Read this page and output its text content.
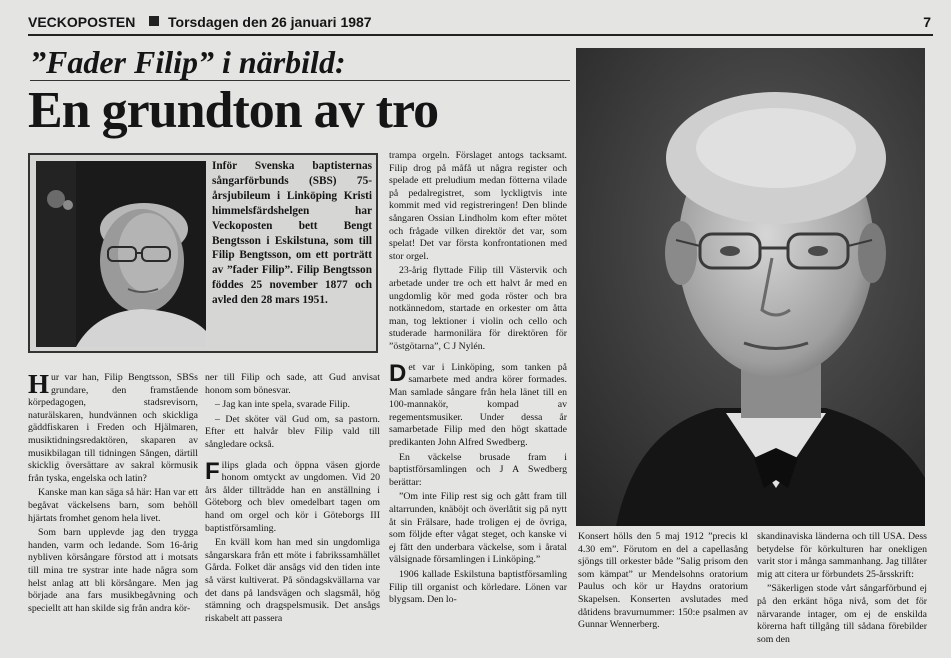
VECKOPOSTEN Torsdagen den 26 januari 1987	7
”Fader Filip” i närbild:
En grundton av tro
Inför Svenska baptisternas sångarförbunds (SBS) 75-årsjubileum i Linköping Kristi himmelsfärdshelgen har Veckoposten bett Bengt Bengtsson i Eskilstuna, som till Filip Bengtsson, om ett porträtt av ”fader Filip”. Filip Bengtsson föddes 25 november 1877 och avled den 28 mars 1951.

Hur var han, Filip Bengtsson, SBSs grundare, den framstående körpedagogen, stadsrevisorn, naturälskaren, hundvännen och skickliga gäddfiskaren i Freden och Hjälmaren, musiktidningsredaktören, skaparen av musikbilagan till tidningen Sången, därtill skicklig översättare av sakral körmusik från tyska, engelska och latin?

Kanske man kan säga så här: Han var ett begåvat väckelsens barn, som behöll hjärtats fromhet genom hela livet.

Som barn upplevde jag den trygga handen, varm och ledande. Som 16-årig nybliven körsångare förstod att i motsats till mina tre systrar inte hade några som helst anlag att bli körsångare. Men jag började ana fars musikbegåvning och speciellt att han skilde sig från andra kör-

ner till Filip och sade, att Gud anvisat honom som bönesvar.

– Jag kan inte spela, svarade Filip.

– Det sköter väl Gud om, sa pastorn. Efter ett halvår blev Filip vald till sångledare också.

Filips glada och öppna väsen gjorde honom omtyckt av ungdomen. Vid 20 års ålder tillträdde han en anställning i Göteborg och blev omedelbart tagen om hand om orgel och kör i Göteborgs III baptistförsamling.

En kväll kom han med sin ungdomliga sångarskara från ett möte i fabrikssamhället Gårda. Folket där ansågs vid den tiden inte så värst kultiverat. På söndagskvällarna var det dans på landsvägen och slagsmål, hög stämning och dragspelsmusik. Det ansågs riskabelt att passera

trampa orgeln. Förslaget antogs tacksamt. Filip drog på måfå ut några register och spelade ett preludium medan fötterna vilade på pedalregistret, som lyckligtvis inte kommit med vid registreringen! Den blinde sångaren Ossian Lindholm kom efter mötet och frågade vilken direktör det var, som spelat! Det var första konfrontationen med stor orgel.

23-årig flyttade Filip till Västervik och arbetade under tre och ett halvt år med en ungdomlig kör med goda röster och bra notkännedom, startade en orkester om åtta man, tog lektioner i violin och cello och studerade harmonilära för direktören för ”östgötarna”, C J Nylén.

Det var i Linköping, som tanken på samarbete med andra körer formades. Man samlade sångare från hela länet till en 100-mannakör, kompad av regementsmusiker. Under dessa år samarbetade Filip med den högt skattade predikanten John Alfred Swedberg.

En väckelse brusade fram i baptistförsamlingen och J A Swedberg berättar:

”Om inte Filip rest sig och gått fram till altarrunden, knäböjt och överlåtit sig på nytt åt sin Frälsare, hade troligen ej de övriga, som följde efter vågat steget, och kanske vi ej fått den underbara väckelse, som i åratal välsignade församlingen i Linköping.”

1906 kallade Eskilstuna baptistförsamling Filip till organist och körledare. Lönen var blygsam. Den lo-

Konsert hölls den 5 maj 1912 ”precis kl 4.30 em”. Förutom en del a capellasång sjöngs till orkester både ”Salig prisom den som kämpat” ur Mendelsohns oratorium Paulus och kör ur Haydns oratorium Skapelsen. Konserten avslutades med dåtidens bravurnummer: 150:e psalmen av Gunnar Wennerberg.

skandinaviska länderna och till USA. Dess betydelse för körkulturen har onekligen varit stor i många sammanhang. Jag tillåter mig att citera ur förbundets 25-årsskrift:

”Säkerligen stode vårt sångarförbund ej på den erkänt höga nivå, som det för närvarande intager, om ej de enskilda körerna haft tillgång till sådana förebilder som den
